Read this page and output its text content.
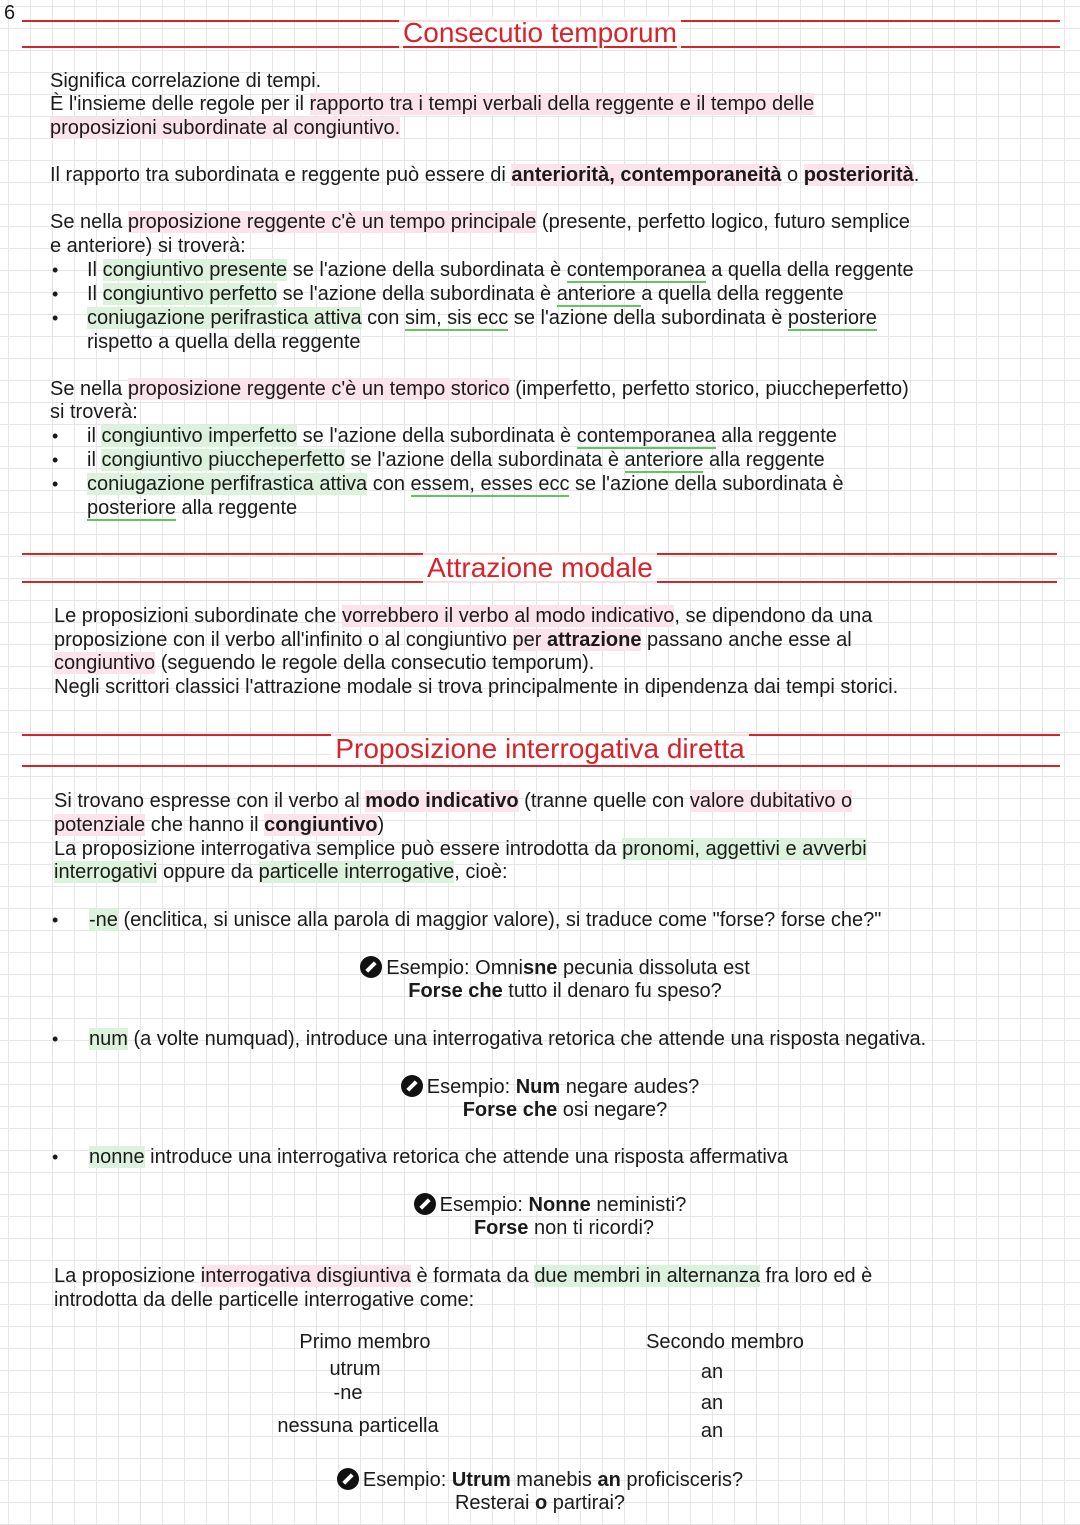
6
Consecutio temporum

Significa correlazione di tempi.

È l'insieme delle regole per il rapporto tra i tempi verbali della reggente e il tempo delle

proposizioni subordinate al congiuntivo.

Il rapporto tra subordinata e reggente può essere di anteriorità, contemporaneità o posteriorità.

Se nella proposizione reggente c'è un tempo principale (presente, perfetto logico, futuro semplice

e anteriore) si troverà:

• Il congiuntivo presente se l'azione della subordinata è contemporanea a quella della reggente
• Il congiuntivo perfetto se l'azione della subordinata è anteriore a quella della reggente
• coniugazione perifrastica attiva con sim, sis ecc se l'azione della subordinata è posteriore
rispetto a quella della reggente

Se nella proposizione reggente c'è un tempo storico (imperfetto, perfetto storico, piuccheperfetto)

si troverà:

• il congiuntivo imperfetto se l'azione della subordinata è contemporanea alla reggente
• il congiuntivo piuccheperfetto se l'azione della subordinata è anteriore alla reggente
• coniugazione perfifrastica attiva con essem, esses ecc se l'azione della subordinata è
posteriore alla reggente
Attrazione modale

Le proposizioni subordinate che vorrebbero il verbo al modo indicativo, se dipendono da una

proposizione con il verbo all'infinito o al congiuntivo per attrazione passano anche esse al

congiuntivo (seguendo le regole della consecutio temporum).

Negli scrittori classici l'attrazione modale si trova principalmente in dipendenza dai tempi storici.

Proposizione interrogativa diretta

Si trovano espresse con il verbo al modo indicativo (tranne quelle con valore dubitativo o

potenziale che hanno il congiuntivo)

La proposizione interrogativa semplice può essere introdotta da pronomi, aggettivi e avverbi

interrogativi oppure da particelle interrogative, cioè:

• -ne (enclitica, si unisce alla parola di maggior valore), si traduce come "forse? forse che?"
Esempio: Omnisne pecunia dissoluta est
Forse che tutto il denaro fu speso?
• num (a volte numquad), introduce una interrogativa retorica che attende una risposta negativa.
Esempio: Num negare audes?
Forse che osi negare?
• nonne introduce una interrogativa retorica che attende una risposta affermativa
Esempio: Nonne neministi?
Forse non ti ricordi?

La proposizione interrogativa disgiuntiva è formata da due membri in alternanza fra loro ed è

introdotta da delle particelle interrogative come:

Primo membro	Secondo membro
utrum
-ne
nessuna particella
an
an
an
Esempio: Utrum manebis an proficisceris?
Resterai o partirai?
